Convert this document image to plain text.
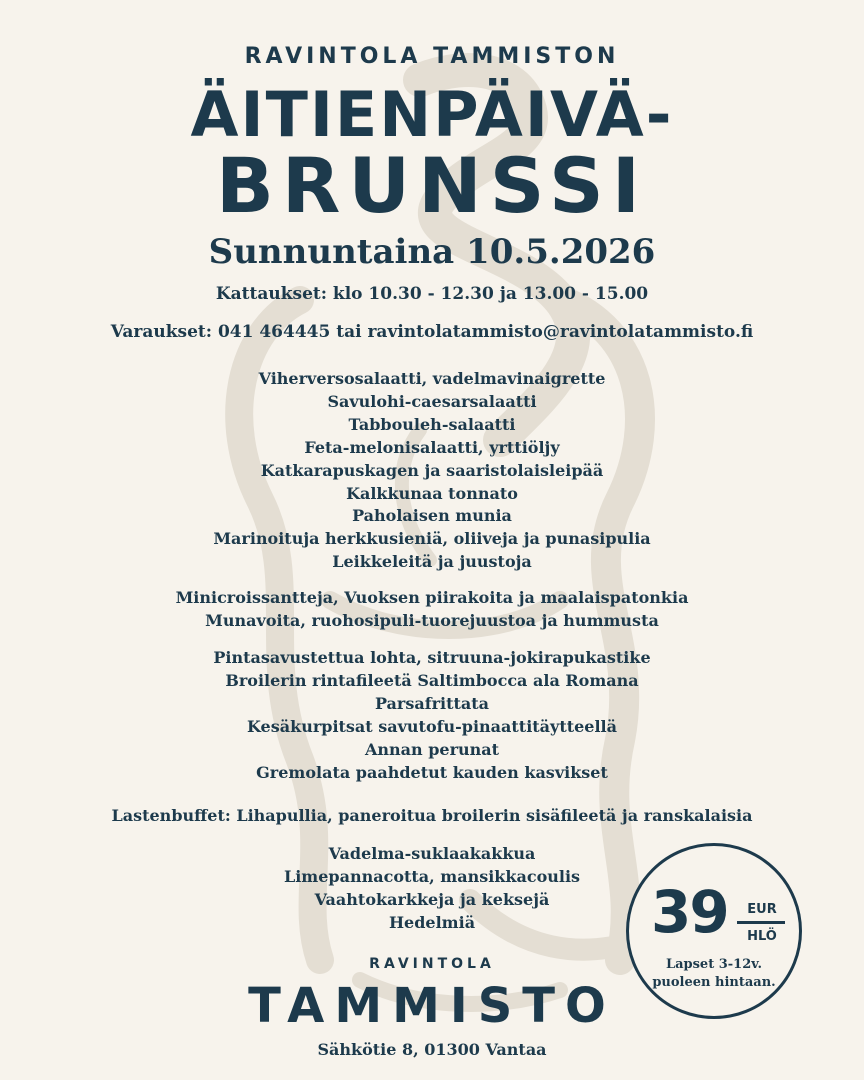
RAVINTOLA TAMMISTON
ÄITIENPÄIVÄ-
BRUNSSI
Sunnuntaina 10.5.2026
Kattaukset: klo 10.30 - 12.30 ja 13.00 - 15.00
Varaukset: 041 464445 tai ravintolatammisto@ravintolatammisto.fi
Viherversosalaatti, vadelmavinaigrette
Savulohi-caesarsalaatti
Tabbouleh-salaatti
Feta-melonisalaatti, yrttiöljy
Katkarapuskagen ja saaristolaisleipää
Kalkkunaa tonnato
Paholaisen munia
Marinoituja herkkusieniä, oliiveja ja punasipulia
Leikkeleitä ja juustoja
Minicroissantteja, Vuoksen piirakoita ja maalaispatonkia
Munavoita, ruohosipuli-tuorejuustoa ja hummusta
Pintasavustettua lohta, sitruuna-jokirapukastike
Broilerin rintafileetä Saltimbocca ala Romana
Parsafrittata
Kesäkurpitsat savutofu-pinaattitäytteellä
Annan perunat
Gremolata paahdetut kauden kasvikset
Lastenbuffet: Lihapullia, paneroitua broilerin sisäfileetä ja ranskalaisia
Vadelma-suklaakakkua
Limepannacotta, mansikkacoulis
Vaahtokarkkeja ja keksejä
Hedelmiä
RAVINTOLA
TAMMISTO
Sähkötie 8, 01300 Vantaa
39	EUR
HLÖ
Lapset 3-12v.
puoleen hintaan.
